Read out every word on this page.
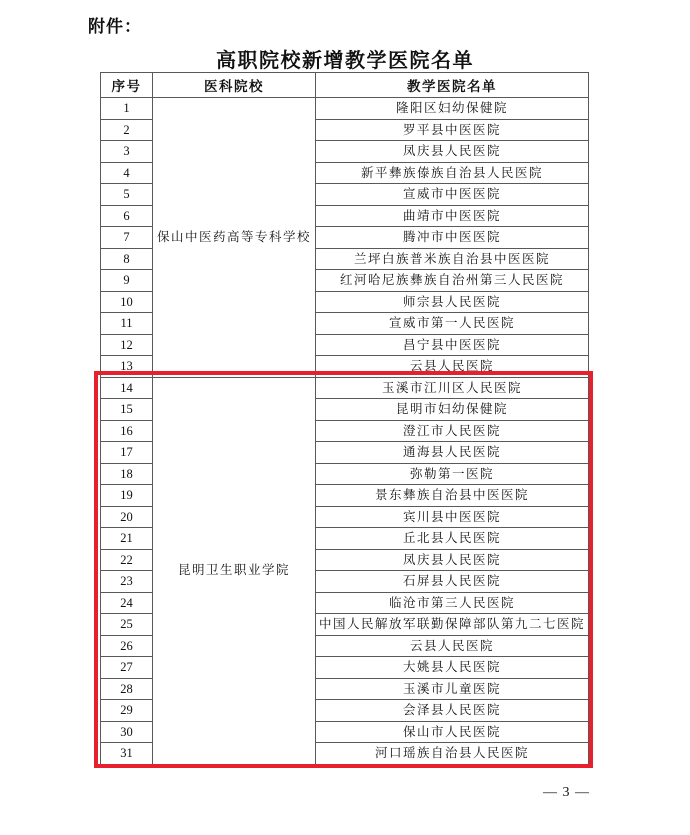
附件：
高职院校新增教学医院名单
序号	医科院校	教学医院名单
1	保山中医药高等专科学校	隆阳区妇幼保健院
2		罗平县中医医院
3		凤庆县人民医院
4		新平彝族傣族自治县人民医院
5		宣威市中医医院
6		曲靖市中医医院
7		腾冲市中医医院
8		兰坪白族普米族自治县中医医院
9		红河哈尼族彝族自治州第三人民医院
10		师宗县人民医院
11		宣威市第一人民医院
12		昌宁县中医医院
13		云县人民医院
14	昆明卫生职业学院	玉溪市江川区人民医院
15		昆明市妇幼保健院
16		澄江市人民医院
17		通海县人民医院
18		弥勒第一医院
19		景东彝族自治县中医医院
20		宾川县中医医院
21		丘北县人民医院
22		凤庆县人民医院
23		石屏县人民医院
24		临沧市第三人民医院
25		中国人民解放军联勤保障部队第九二七医院
26		云县人民医院
27		大姚县人民医院
28		玉溪市儿童医院
29		会泽县人民医院
30		保山市人民医院
31		河口瑶族自治县人民医院
— 3 —
